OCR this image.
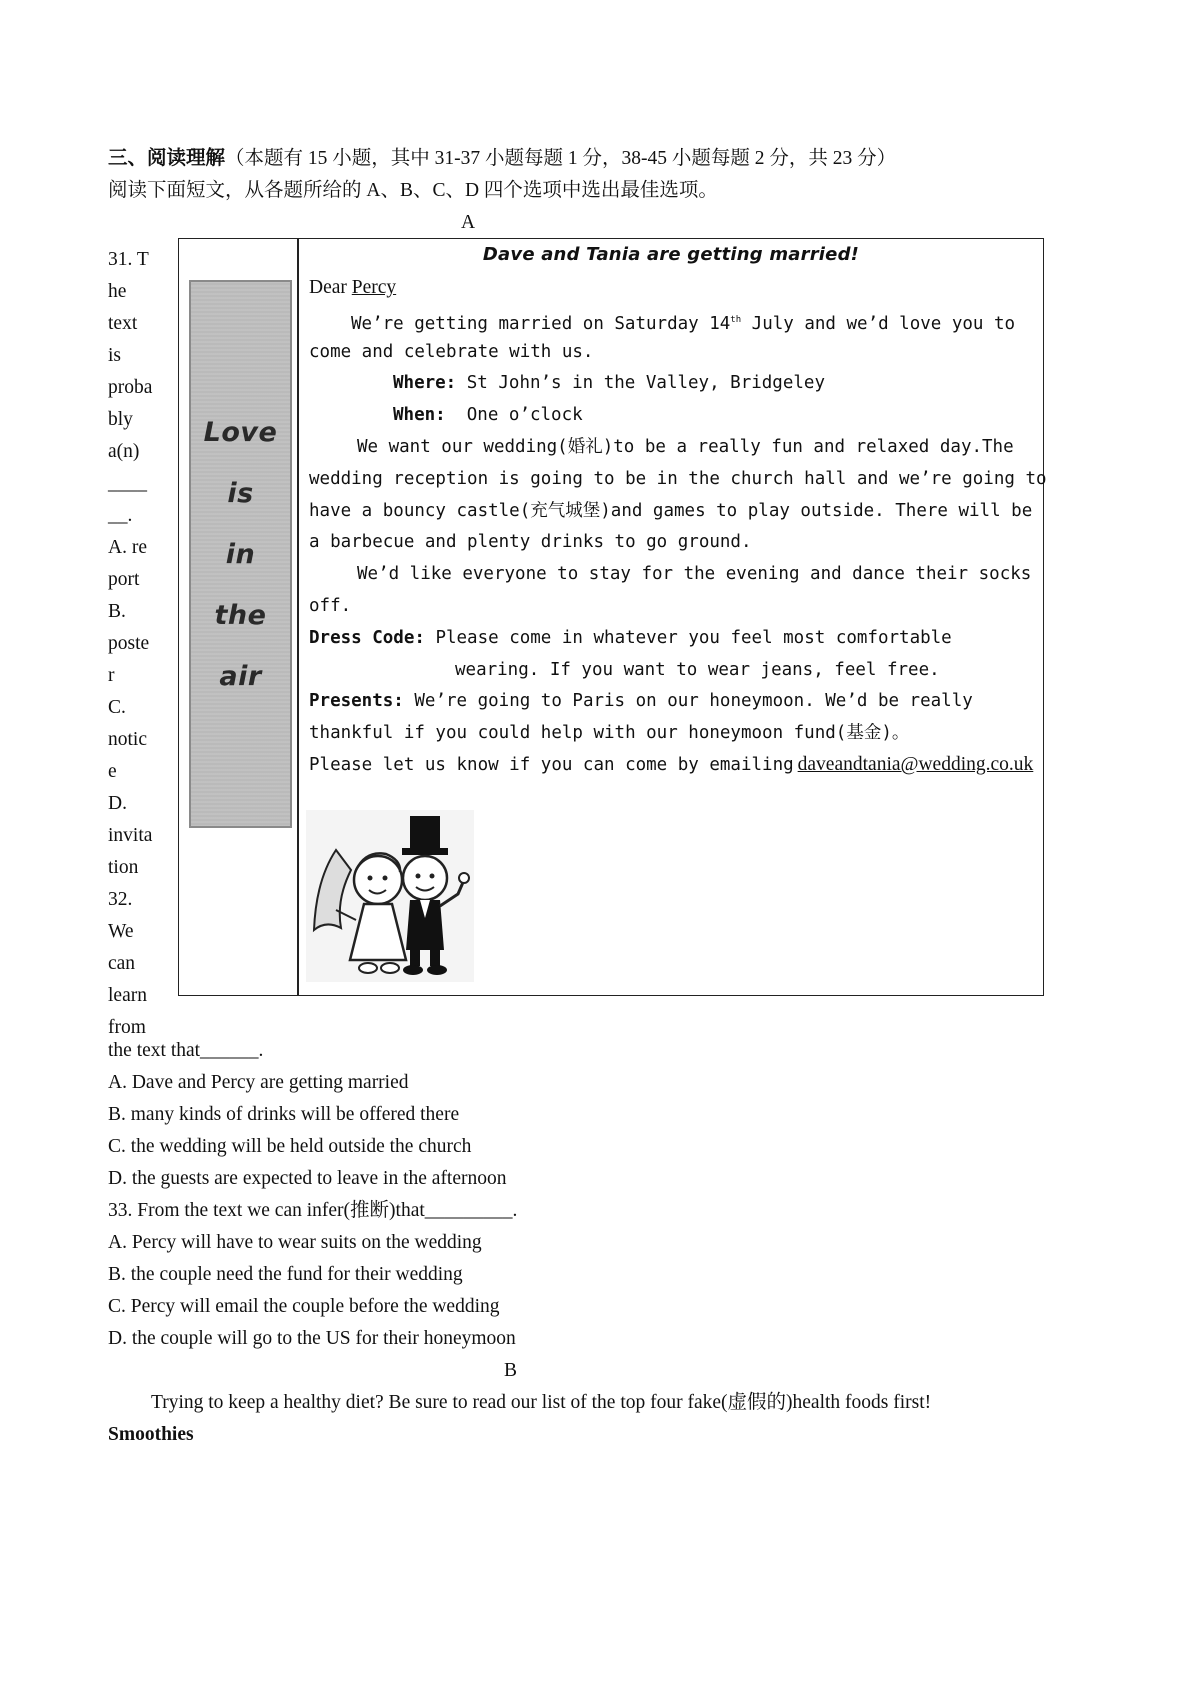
三、阅读理解（本题有 15 小题，其中 31-37 小题每题 1 分，38-45 小题每题 2 分，共 23 分）
阅读下面短文，从各题所给的 A、B、C、D 四个选项中选出最佳选项。
A
31. T
he
text
is
proba
bly
a(n)
____
__.
A. re
port
B.
poste
r
C.
notic
e
D.
invita
tion
32.
We
can
learn
from
Love
is
in
the
air
Dave and Tania are getting married!
Dear Percy
We’re getting married on Saturday 14th July and we’d love you to
come and celebrate with us.
Where: St John’s in the Valley, Bridgeley
When: One o’clock
We want our wedding(婚礼)to be a really fun and relaxed day.The
wedding reception is going to be in the church hall and we’re going to
have a bouncy castle(充气城堡)and games to play outside. There will be
a barbecue and plenty drinks to go ground.
We’d like everyone to stay for the evening and dance their socks
off.
Dress Code: Please come in whatever you feel most comfortable
wearing. If you want to wear jeans, feel free.
Presents: We’re going to Paris on our honeymoon. We’d be really
thankful if you could help with our honeymoon fund(基金)。
Please let us know if you can come by emailing daveandtania@wedding.co.uk
the text that______.
A. Dave and Percy are getting married
B. many kinds of drinks will be offered there
C. the wedding will be held outside the church
D. the guests are expected to leave in the afternoon
33. From the text we can infer(推断)that_________.
A. Percy will have to wear suits on the wedding
B. the couple need the fund for their wedding
C. Percy will email the couple before the wedding
D. the couple will go to the US for their honeymoon
B
Trying to keep a healthy diet? Be sure to read our list of the top four fake(虚假的)health foods first!
Smoothies
